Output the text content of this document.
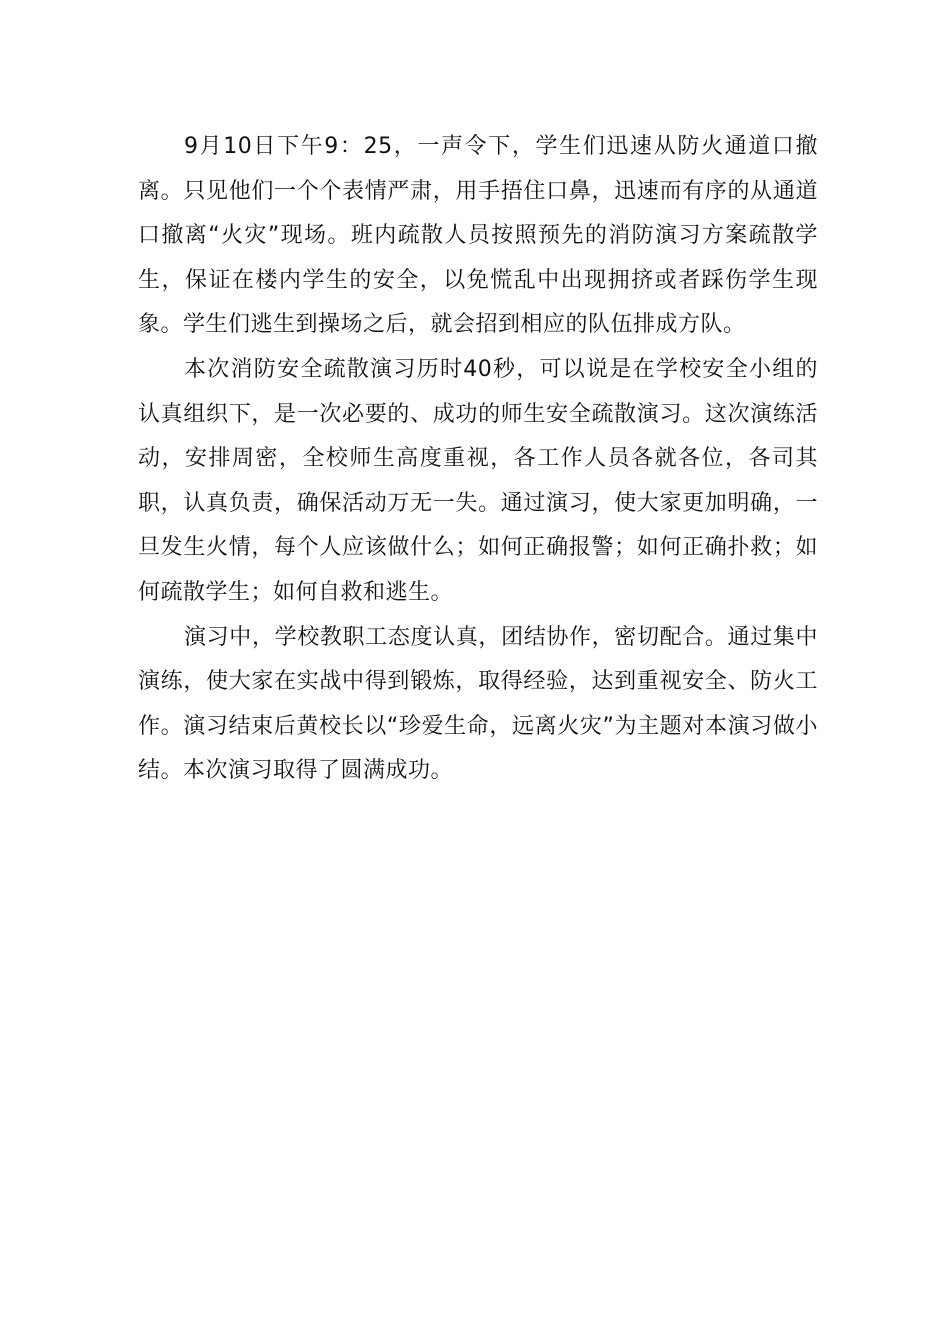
9月10日下午9：25，一声令下，学生们迅速从防火通道口撤离。只见他们一个个表情严肃，用手捂住口鼻，迅速而有序的从通道口撤离“火灾”现场。班内疏散人员按照预先的消防演习方案疏散学生，保证在楼内学生的安全，以免慌乱中出现拥挤或者踩伤学生现象。学生们逃生到操场之后，就会招到相应的队伍排成方队。

本次消防安全疏散演习历时40秒，可以说是在学校安全小组的认真组织下，是一次必要的、成功的师生安全疏散演习。这次演练活动，安排周密，全校师生高度重视，各工作人员各就各位，各司其职，认真负责，确保活动万无一失。通过演习，使大家更加明确，一旦发生火情，每个人应该做什么；如何正确报警；如何正确扑救；如何疏散学生；如何自救和逃生。

演习中，学校教职工态度认真，团结协作，密切配合。通过集中演练，使大家在实战中得到锻炼，取得经验，达到重视安全、防火工作。演习结束后黄校长以“珍爱生命，远离火灾”为主题对本演习做小结。本次演习取得了圆满成功。
